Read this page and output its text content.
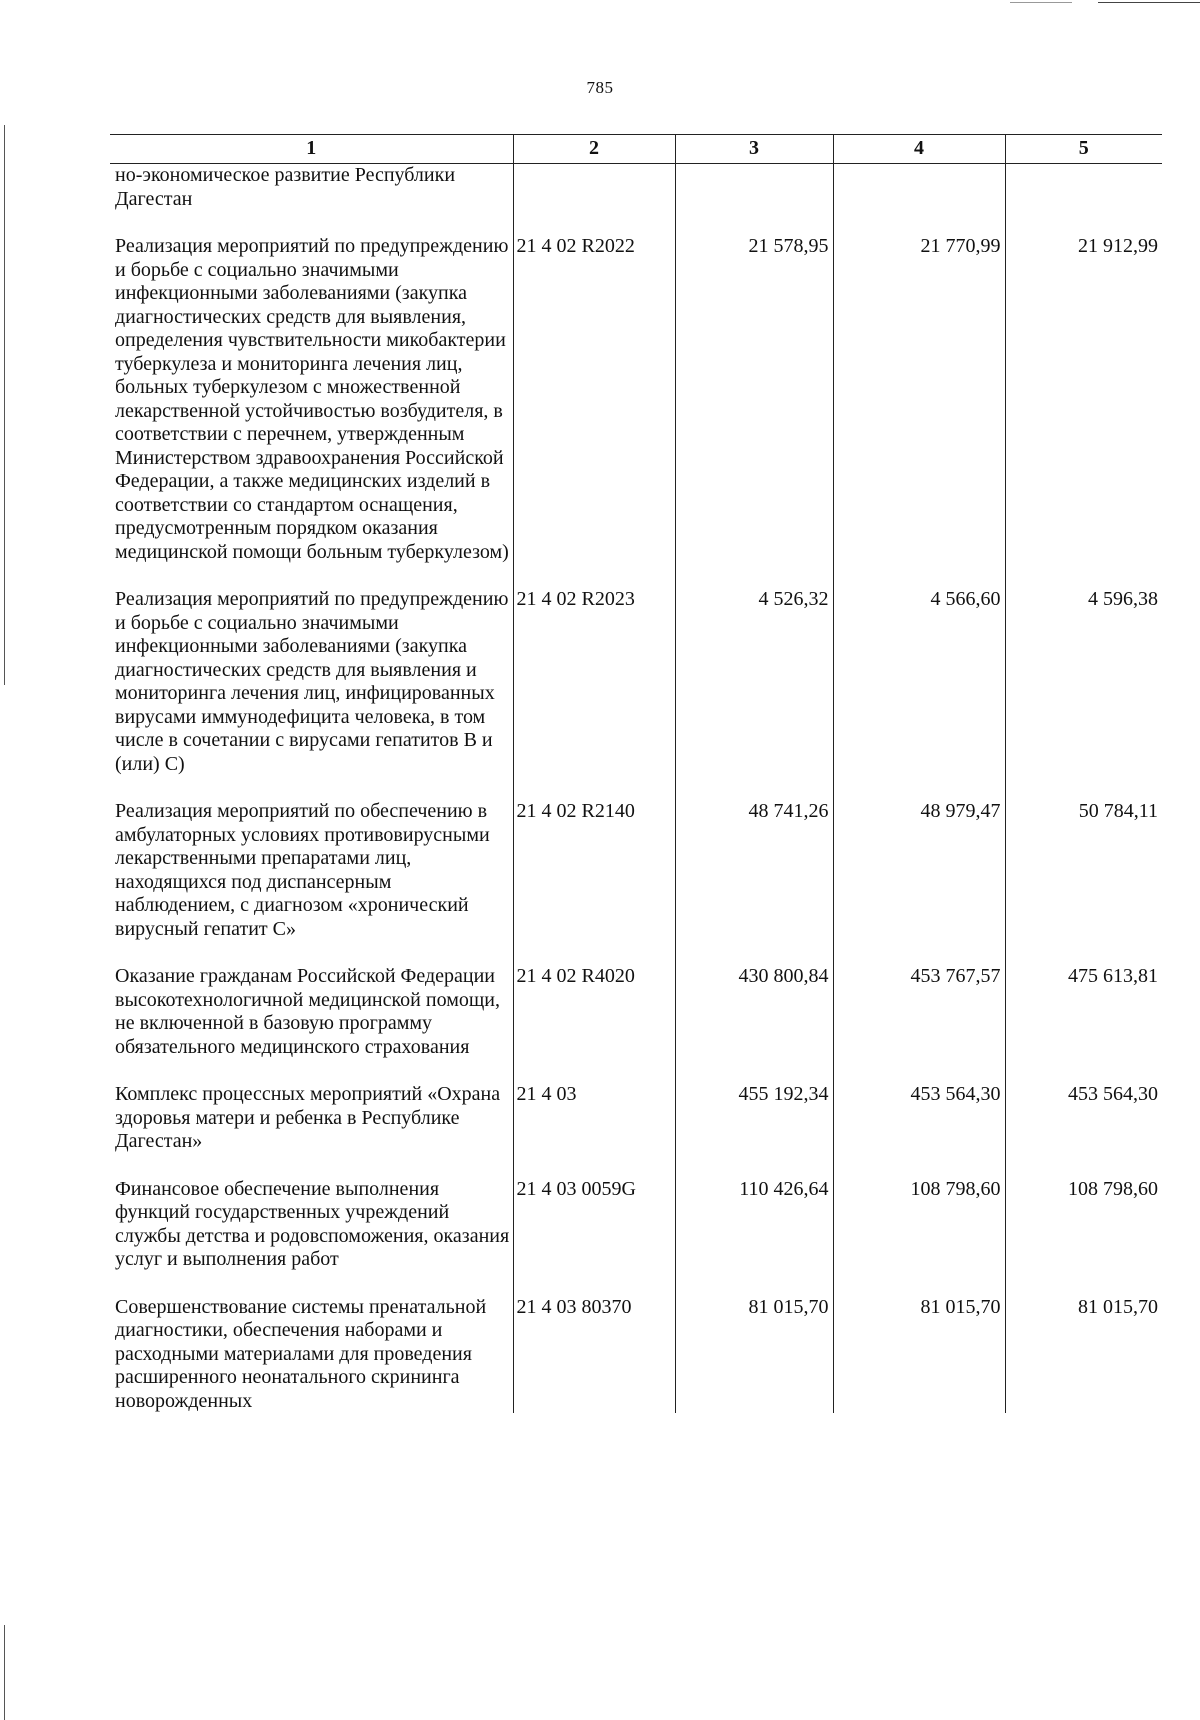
785
1	2	3	4	5
но-экономическое развитие Республики Дагестан				

Реализация мероприятий по предупреждению и борьбе с социально значимыми инфекционными заболеваниями (закупка диагностических средств для выявления, определения чувствительности микобактерии туберкулеза и мониторинга лечения лиц, больных туберкулезом с множественной лекарственной устойчивостью возбудителя, в соответствии с перечнем, утвержденным Министерством здравоохранения Российской Федерации, а также медицинских изделий в соответствии со стандартом оснащения, предусмотренным порядком оказания медицинской помощи больным туберкулезом)	21 4 02 R2022	21 578,95	21 770,99	21 912,99

Реализация мероприятий по предупреждению и борьбе с социально значимыми инфекционными заболеваниями (закупка диагностических средств для выявления и мониторинга лечения лиц, инфицированных вирусами иммунодефицита человека, в том числе в сочетании с вирусами гепатитов B и (или) C)	21 4 02 R2023	4 526,32	4 566,60	4 596,38

Реализация мероприятий по обеспечению в амбулаторных условиях противовирусными лекарственными препаратами лиц, находящихся под диспансерным наблюдением, с диагнозом «хронический вирусный гепатит C»	21 4 02 R2140	48 741,26	48 979,47	50 784,11

Оказание гражданам Российской Федерации высокотехнологичной медицинской помощи, не включенной в базовую программу обязательного медицинского страхования	21 4 02 R4020	430 800,84	453 767,57	475 613,81

Комплекс процессных мероприятий «Охрана здоровья матери и ребенка в Республике Дагестан»	21 4 03	455 192,34	453 564,30	453 564,30

Финансовое обеспечение выполнения функций государственных учреждений службы детства и родовспоможения, оказания услуг и выполнения работ	21 4 03 0059G	110 426,64	108 798,60	108 798,60

Совершенствование системы пренатальной диагностики, обеспечения наборами и расходными материалами для проведения расширенного неонатального скрининга новорожденных	21 4 03 80370	81 015,70	81 015,70	81 015,70
